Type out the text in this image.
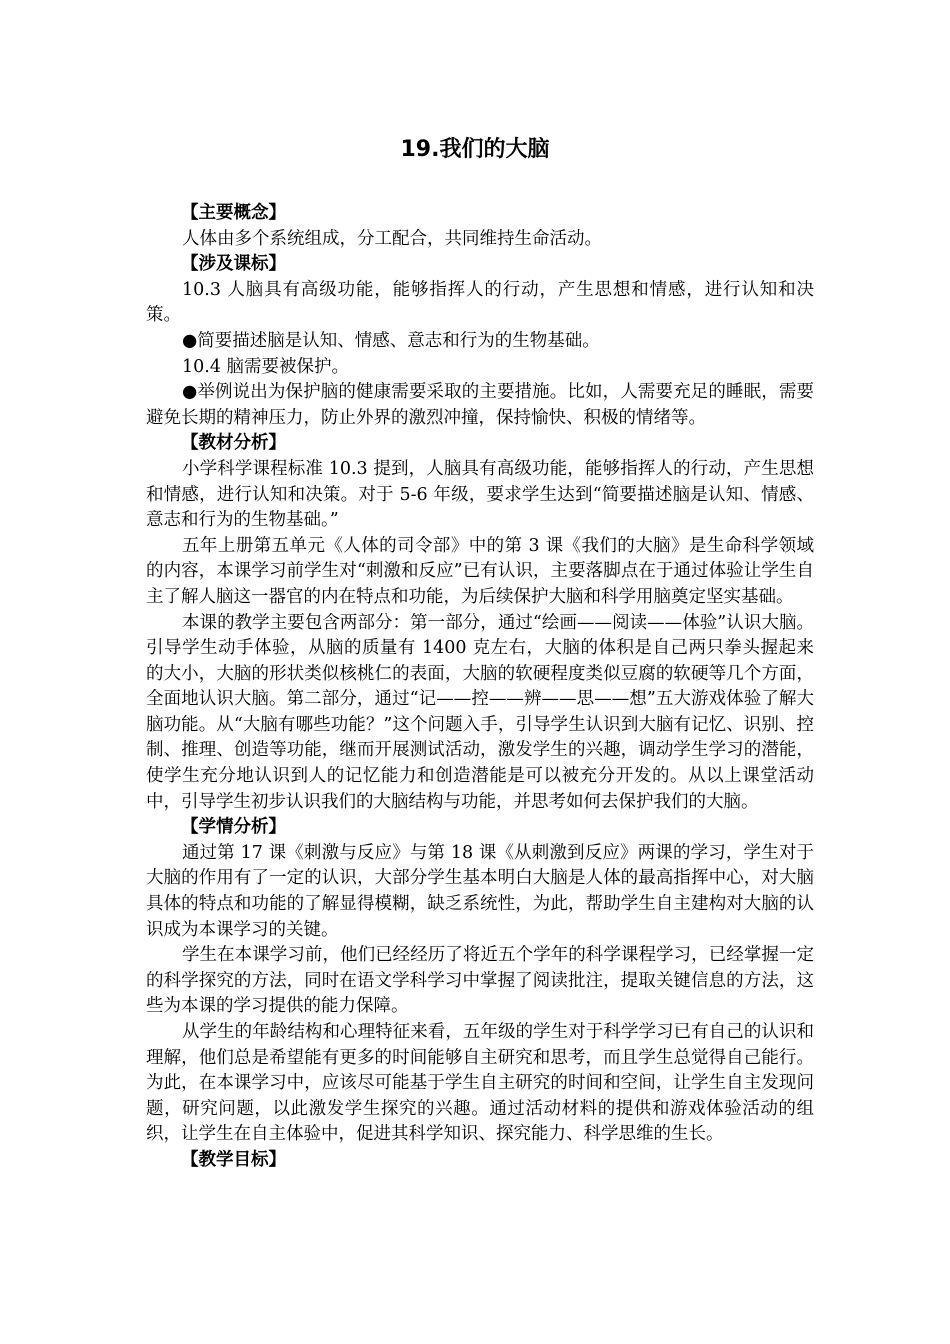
19.我们的大脑

【主要概念】

人体由多个系统组成，分工配合，共同维持生命活动。

【涉及课标】

10.3 人脑具有高级功能，能够指挥人的行动，产生思想和情感，进行认知和决策。

●简要描述脑是认知、情感、意志和行为的生物基础。

10.4 脑需要被保护。

●举例说出为保护脑的健康需要采取的主要措施。比如，人需要充足的睡眠，需要避免长期的精神压力，防止外界的激烈冲撞，保持愉快、积极的情绪等。

【教材分析】

小学科学课程标准 10.3 提到，人脑具有高级功能，能够指挥人的行动，产生思想和情感，进行认知和决策。对于 5-6 年级，要求学生达到“简要描述脑是认知、情感、意志和行为的生物基础。”

五年上册第五单元《人体的司令部》中的第 3 课《我们的大脑》是生命科学领域的内容，本课学习前学生对“刺激和反应”已有认识，主要落脚点在于通过体验让学生自主了解人脑这一器官的内在特点和功能，为后续保护大脑和科学用脑奠定坚实基础。

本课的教学主要包含两部分：第一部分，通过“绘画——阅读——体验”认识大脑。引导学生动手体验，从脑的质量有 1400 克左右，大脑的体积是自己两只拳头握起来的大小，大脑的形状类似核桃仁的表面，大脑的软硬程度类似豆腐的软硬等几个方面，全面地认识大脑。第二部分，通过“记——控——辨——思——想”五大游戏体验了解大脑功能。从“大脑有哪些功能？”这个问题入手，引导学生认识到大脑有记忆、识别、控制、推理、创造等功能，继而开展测试活动，激发学生的兴趣，调动学生学习的潜能，使学生充分地认识到人的记忆能力和创造潜能是可以被充分开发的。从以上课堂活动中，引导学生初步认识我们的大脑结构与功能，并思考如何去保护我们的大脑。

【学情分析】

通过第 17 课《刺激与反应》与第 18 课《从刺激到反应》两课的学习，学生对于大脑的作用有了一定的认识，大部分学生基本明白大脑是人体的最高指挥中心，对大脑具体的特点和功能的了解显得模糊，缺乏系统性，为此，帮助学生自主建构对大脑的认识成为本课学习的关键。

学生在本课学习前，他们已经经历了将近五个学年的科学课程学习，已经掌握一定的科学探究的方法，同时在语文学科学习中掌握了阅读批注，提取关键信息的方法，这些为本课的学习提供的能力保障。

从学生的年龄结构和心理特征来看，五年级的学生对于科学学习已有自己的认识和理解，他们总是希望能有更多的时间能够自主研究和思考，而且学生总觉得自己能行。为此，在本课学习中，应该尽可能基于学生自主研究的时间和空间，让学生自主发现问题，研究问题，以此激发学生探究的兴趣。通过活动材料的提供和游戏体验活动的组织，让学生在自主体验中，促进其科学知识、探究能力、科学思维的生长。

【教学目标】
